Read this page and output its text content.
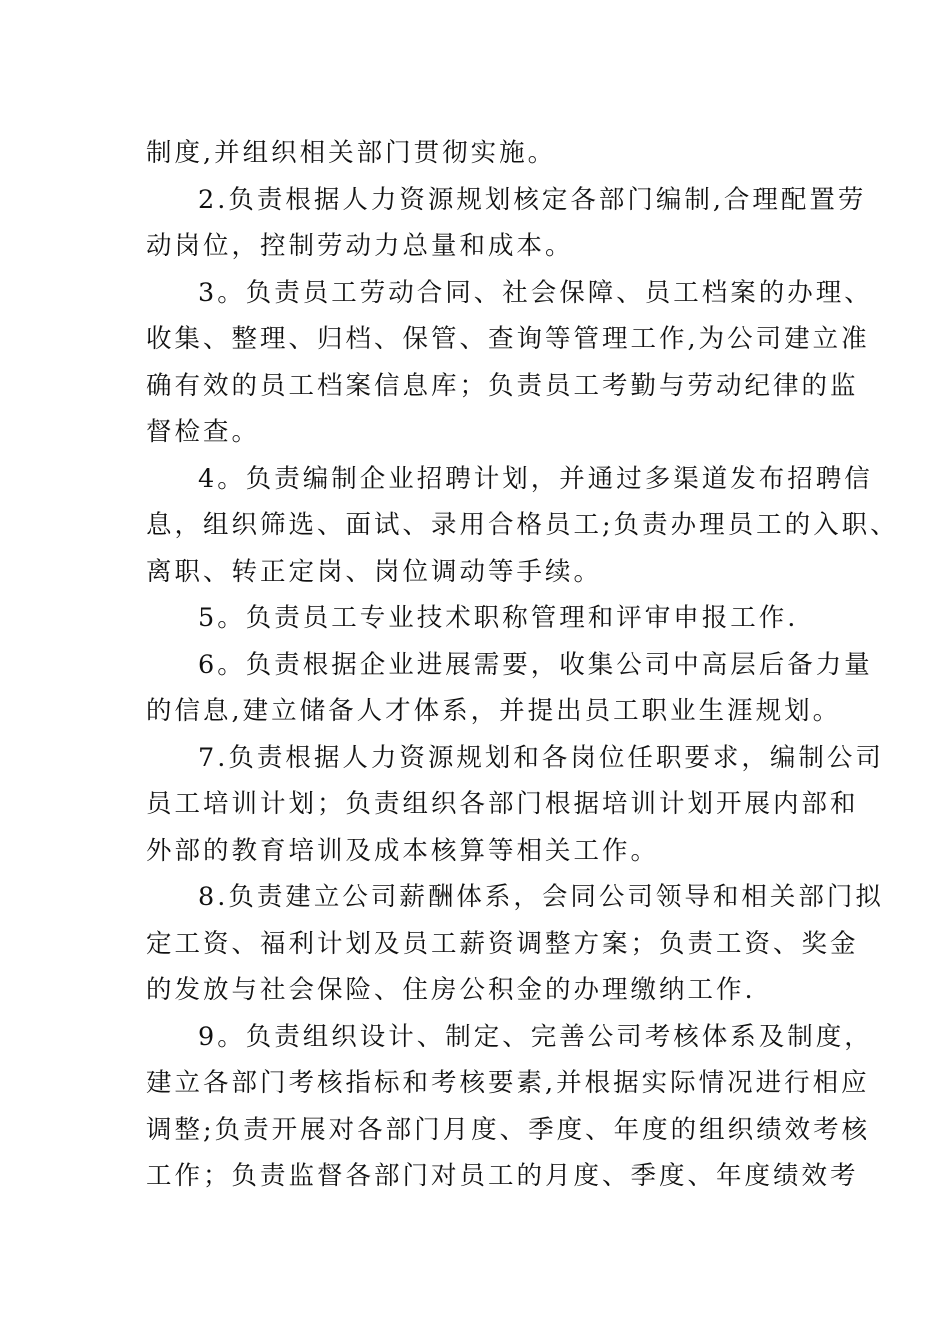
制度,并组织相关部门贯彻实施。
2.负责根据人力资源规划核定各部门编制,合理配置劳
动岗位，控制劳动力总量和成本。
3。负责员工劳动合同、社会保障、员工档案的办理、
收集、整理、归档、保管、查询等管理工作,为公司建立准
确有效的员工档案信息库；负责员工考勤与劳动纪律的监
督检查。
4。负责编制企业招聘计划，并通过多渠道发布招聘信
息，组织筛选、面试、录用合格员工;负责办理员工的入职、
离职、转正定岗、岗位调动等手续。
5。负责员工专业技术职称管理和评审申报工作.
6。负责根据企业进展需要，收集公司中高层后备力量
的信息,建立储备人才体系，并提出员工职业生涯规划。
7.负责根据人力资源规划和各岗位任职要求，编制公司
员工培训计划；负责组织各部门根据培训计划开展内部和
外部的教育培训及成本核算等相关工作。
8.负责建立公司薪酬体系，会同公司领导和相关部门拟
定工资、福利计划及员工薪资调整方案；负责工资、奖金
的发放与社会保险、住房公积金的办理缴纳工作.
9。负责组织设计、制定、完善公司考核体系及制度，
建立各部门考核指标和考核要素,并根据实际情况进行相应
调整;负责开展对各部门月度、季度、年度的组织绩效考核
工作；负责监督各部门对员工的月度、季度、年度绩效考
